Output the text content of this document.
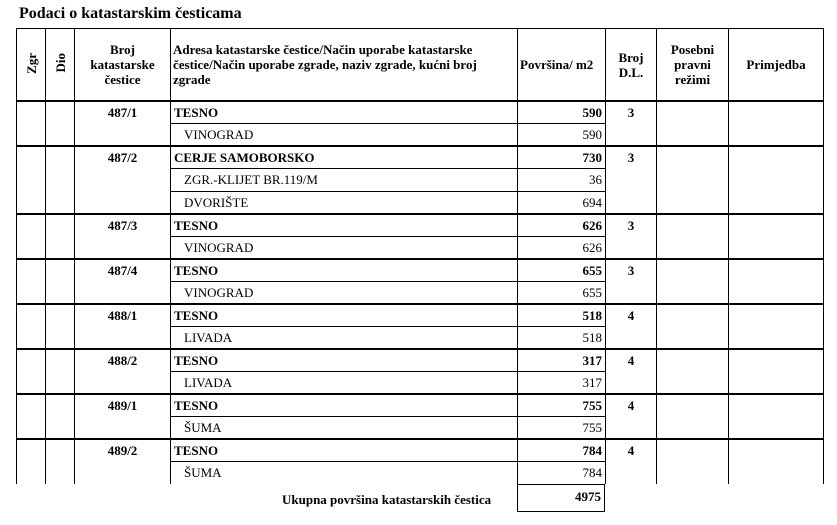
Podaci o katastarskim česticama
Zgr	Dio	Broj katastarske čestice	Adresa katastarske čestice/Način uporabe katastarske čestice/Način uporabe zgrade, naziv zgrade, kućni broj zgrade	Površina/ m2	Broj D.L.	Posebni pravni režimi	Primjedba
		487/1	TESNO	590	3		
			VINOGRAD	590			
		487/2	CERJE SAMOBORSKO	730	3		
			ZGR.-KLIJET BR.119/M	36			
			DVORIŠTE	694			
		487/3	TESNO	626	3		
			VINOGRAD	626			
		487/4	TESNO	655	3		
			VINOGRAD	655			
		488/1	TESNO	518	4		
			LIVADA	518			
		488/2	TESNO	317	4		
			LIVADA	317			
		489/1	TESNO	755	4		
			ŠUMA	755			
		489/2	TESNO	784	4		
			ŠUMA	784			
Ukupna površina katastarskih čestica	4975
